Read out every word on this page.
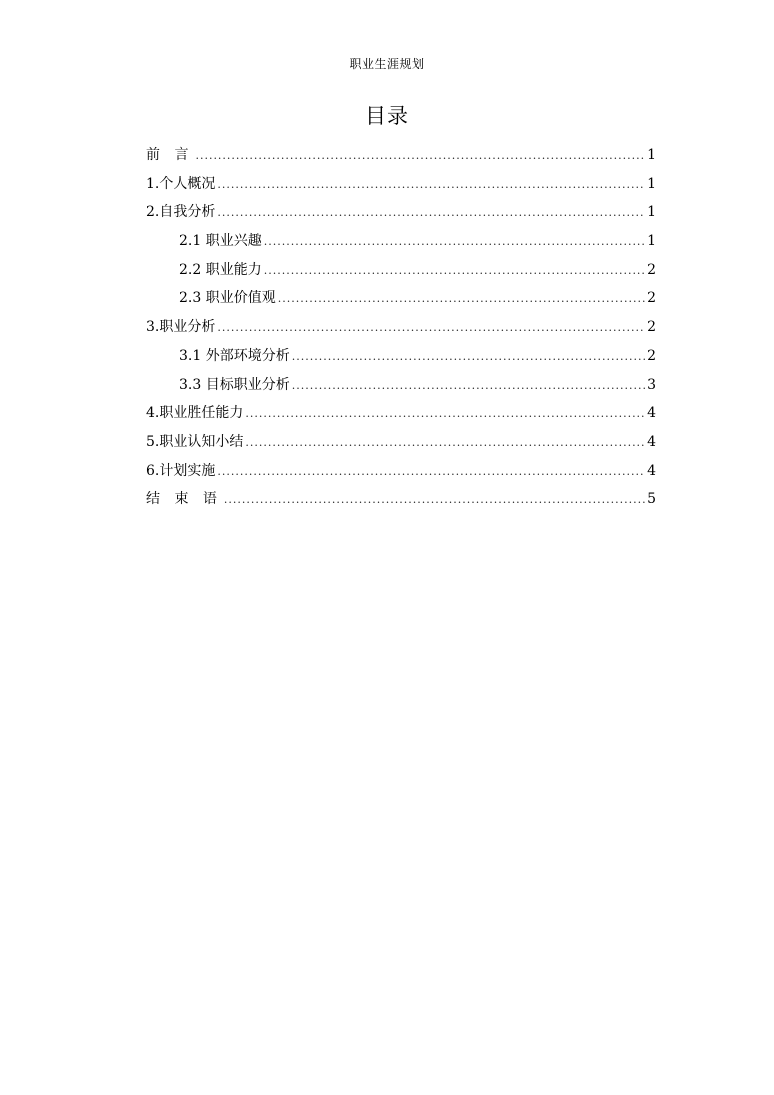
职业生涯规划
目录
前 言 .....	1
1.个人概况 .....	1
2.自我分析 .....	1
2.1 职业兴趣 .....	1
2.2 职业能力 .....	2
2.3 职业价值观 .....	2
3.职业分析 .....	2
3.1 外部环境分析 .....	2
3.3 目标职业分析 .....	3
4.职业胜任能力 .....	4
5.职业认知小结 .....	4
6.计划实施 .....	4
结 束 语 .....	5
